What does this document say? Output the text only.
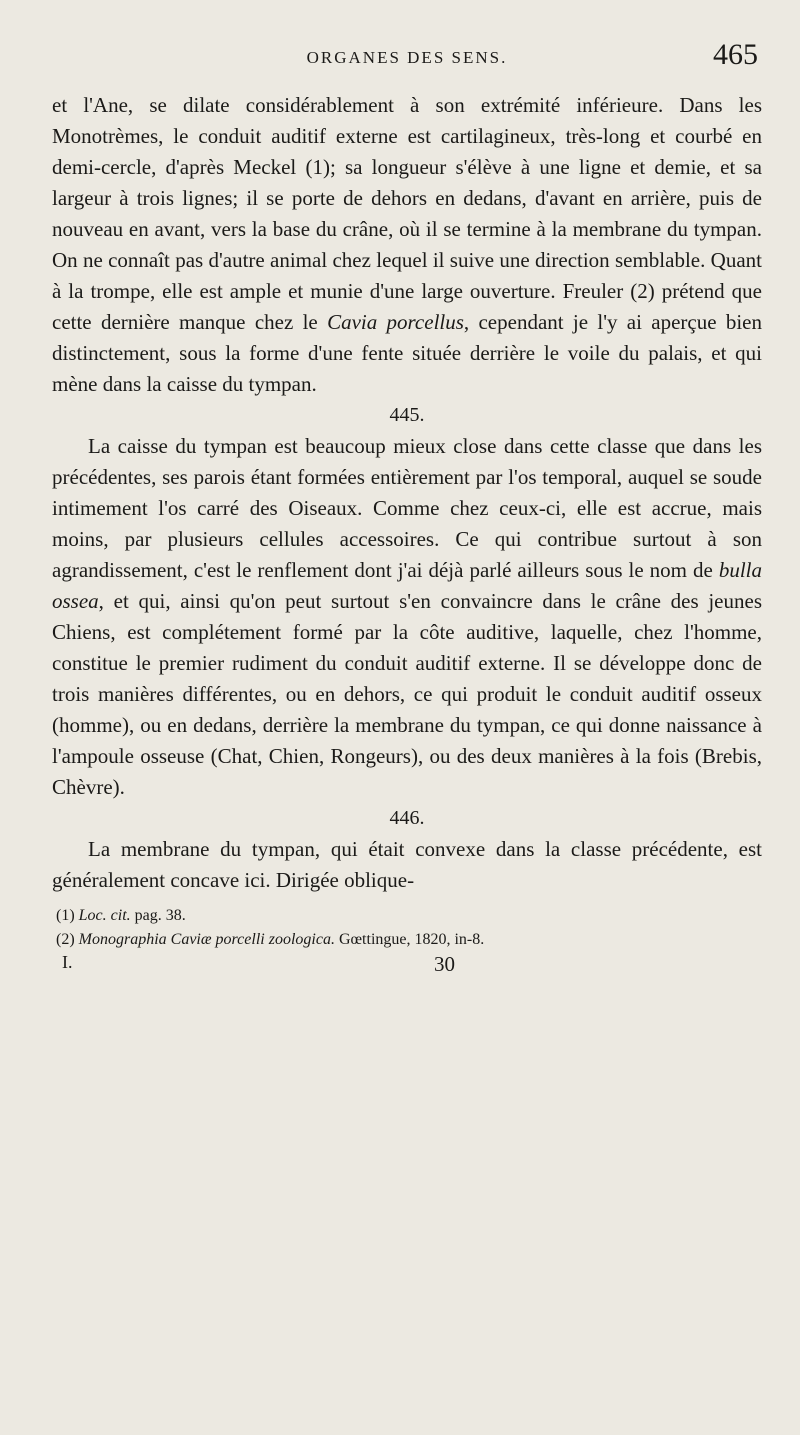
ORGANES DES SENS.	465

et l'Ane, se dilate considérablement à son extrémité inférieure. Dans les Monotrèmes, le conduit auditif externe est cartilagineux, très-long et courbé en demi-cercle, d'après Meckel (1); sa longueur s'élève à une ligne et demie, et sa largeur à trois lignes; il se porte de dehors en dedans, d'avant en arrière, puis de nouveau en avant, vers la base du crâne, où il se termine à la membrane du tympan. On ne connaît pas d'autre animal chez lequel il suive une direction semblable. Quant à la trompe, elle est ample et munie d'une large ouverture. Freuler (2) prétend que cette dernière manque chez le Cavia porcellus, cependant je l'y ai aperçue bien distinctement, sous la forme d'une fente située derrière le voile du palais, et qui mène dans la caisse du tympan.

445.

La caisse du tympan est beaucoup mieux close dans cette classe que dans les précédentes, ses parois étant formées entièrement par l'os temporal, auquel se soude intimement l'os carré des Oiseaux. Comme chez ceux-ci, elle est accrue, mais moins, par plusieurs cellules accessoires. Ce qui contribue surtout à son agrandissement, c'est le renflement dont j'ai déjà parlé ailleurs sous le nom de bulla ossea, et qui, ainsi qu'on peut surtout s'en convaincre dans le crâne des jeunes Chiens, est complétement formé par la côte auditive, laquelle, chez l'homme, constitue le premier rudiment du conduit auditif externe. Il se développe donc de trois manières différentes, ou en dehors, ce qui produit le conduit auditif osseux (homme), ou en dedans, derrière la membrane du tympan, ce qui donne naissance à l'ampoule osseuse (Chat, Chien, Rongeurs), ou des deux manières à la fois (Brebis, Chèvre).

446.

La membrane du tympan, qui était convexe dans la classe précédente, est généralement concave ici. Dirigée oblique-

(1) Loc. cit. pag. 38.

(2) Monographia Caviæ porcelli zoologica. Gœttingue, 1820, in-8.

I.	30
